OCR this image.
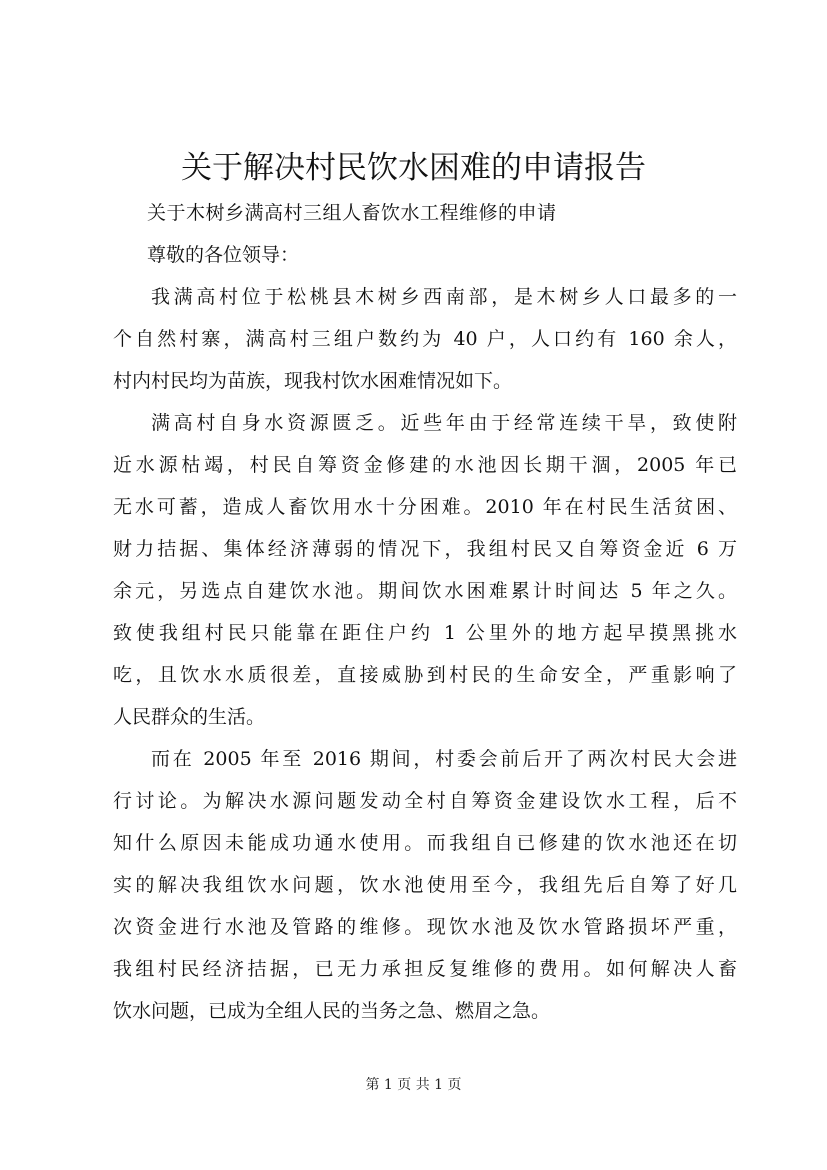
关于解决村民饮水困难的申请报告
关于木树乡满高村三组人畜饮水工程维修的申请
尊敬的各位领导：
我满高村位于松桃县木树乡西南部，是木树乡人口最多的一
个自然村寨，满高村三组户数约为 40 户，人口约有 160 余人，
村内村民均为苗族，现我村饮水困难情况如下。
满高村自身水资源匮乏。近些年由于经常连续干旱，致使附
近水源枯竭，村民自筹资金修建的水池因长期干涸，2005 年已
无水可蓄，造成人畜饮用水十分困难。2010 年在村民生活贫困、
财力拮据、集体经济薄弱的情况下，我组村民又自筹资金近 6 万
余元，另选点自建饮水池。期间饮水困难累计时间达 5 年之久。
致使我组村民只能靠在距住户约 1 公里外的地方起早摸黑挑水
吃，且饮水水质很差，直接威胁到村民的生命安全，严重影响了
人民群众的生活。
而在 2005 年至 2016 期间，村委会前后开了两次村民大会进
行讨论。为解决水源问题发动全村自筹资金建设饮水工程，后不
知什么原因未能成功通水使用。而我组自已修建的饮水池还在切
实的解决我组饮水问题，饮水池使用至今，我组先后自筹了好几
次资金进行水池及管路的维修。现饮水池及饮水管路损坏严重，
我组村民经济拮据，已无力承担反复维修的费用。如何解决人畜
饮水问题，已成为全组人民的当务之急、燃眉之急。
第 1 页 共 1 页
